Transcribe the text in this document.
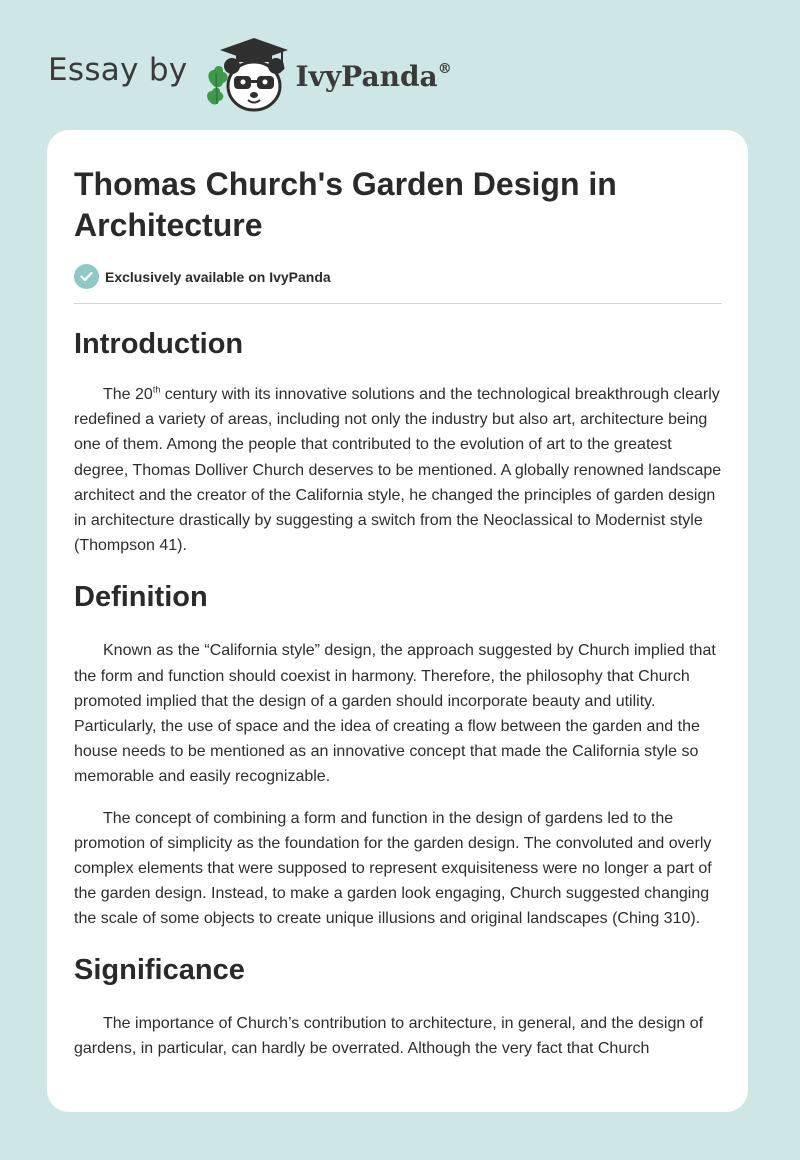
Essay by	IvyPanda®
Thomas Church's Garden Design in Architecture
Exclusively available on IvyPanda
Introduction

The 20th century with its innovative solutions and the technological breakthrough clearly redefined a variety of areas, including not only the industry but also art, architecture being one of them. Among the people that contributed to the evolution of art to the greatest degree, Thomas Dolliver Church deserves to be mentioned. A globally renowned landscape architect and the creator of the California style, he changed the principles of garden design in architecture drastically by suggesting a switch from the Neoclassical to Modernist style (Thompson 41).

Definition

Known as the “California style” design, the approach suggested by Church implied that the form and function should coexist in harmony. Therefore, the philosophy that Church promoted implied that the design of a garden should incorporate beauty and utility. Particularly, the use of space and the idea of creating a flow between the garden and the house needs to be mentioned as an innovative concept that made the California style so memorable and easily recognizable.

The concept of combining a form and function in the design of gardens led to the promotion of simplicity as the foundation for the garden design. The convoluted and overly complex elements that were supposed to represent exquisiteness were no longer a part of the garden design. Instead, to make a garden look engaging, Church suggested changing the scale of some objects to create unique illusions and original landscapes (Ching 310).

Significance

The importance of Church’s contribution to architecture, in general, and the design of gardens, in particular, can hardly be overrated. Although the very fact that Church
